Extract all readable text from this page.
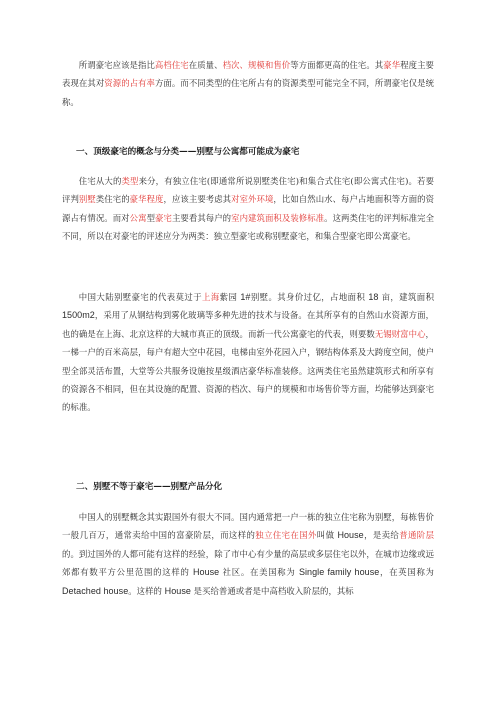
所谓豪宅应该是指比高档住宅在质量、档次、规模和售价等方面都更高的住宅。其豪华程度主要表现在其对资源的占有率方面。而不同类型的住宅所占有的资源类型可能完全不同，所谓豪宅仅是统称。

一、顶级豪宅的概念与分类——别墅与公寓都可能成为豪宅

住宅从大的类型来分，有独立住宅(即通常所说别墅类住宅)和集合式住宅(即公寓式住宅)。若要评判别墅类住宅的豪华程度，应该主要考虑其对室外环境，比如自然山水、每户占地面积等方面的资源占有情况。而对公寓型豪宅主要看其每户的室内建筑面积及装修标准。这两类住宅的评判标准完全不同，所以在对豪宅的评述应分为两类：独立型豪宅或称别墅豪宅，和集合型豪宅即公寓豪宅。

中国大陆别墅豪宅的代表莫过于上海紫园 1#别墅。其身价过亿，占地面积 18 亩，建筑面积 1500m2，采用了从钢结构到雾化玻璃等多种先进的技术与设备。在其所享有的自然山水资源方面，也的确是在上海、北京这样的大城市真正的顶级。而新一代公寓豪宅的代表，则要数无锡财富中心，一梯一户的百米高层，每户有超大空中花园，电梯由室外花园入户，钢结构体系及大跨度空间，使户型全部灵活布置，大堂等公共服务设施按星级酒店豪华标准装修。这两类住宅虽然建筑形式和所享有的资源各不相同，但在其设施的配置、资源的档次、每户的规模和市场售价等方面，均能够达到豪宅的标准。

二、别墅不等于豪宅——别墅产品分化

中国人的别墅概念其实跟国外有很大不同。国内通常把一户一栋的独立住宅称为别墅，每栋售价一般几百万，通常卖给中国的富豪阶层，而这样的独立住宅在国外叫做 House，是卖给普通阶层的。到过国外的人都可能有这样的经验，除了市中心有少量的高层或多层住宅以外，在城市边缘或远郊都有数平方公里范围的这样的 House 社区。在美国称为 Single family house，在英国称为 Detached house。这样的 House 是买给普通或者是中高档收入阶层的，其标
